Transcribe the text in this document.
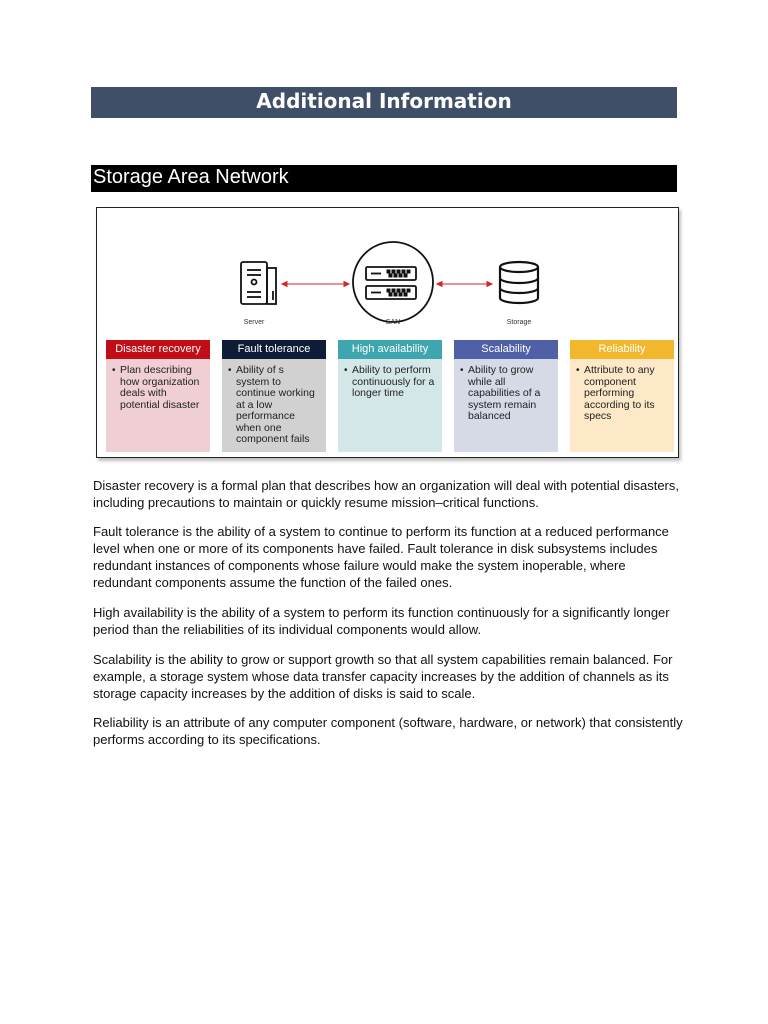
Additional Information
Storage Area Network
Server	SAN	Storage
Disaster recovery
• Plan describing how organization deals with potential disaster
Fault tolerance
• Ability of s system to continue working at a low performance when one component fails
High availability
• Ability to perform continuously for a longer time
Scalability
• Ability to grow while all capabilities of a system remain balanced
Reliability
• Attribute to any component performing according to its specs

Disaster recovery is a formal plan that describes how an organization will deal with potential disasters, including precautions to maintain or quickly resume mission–critical functions.

Fault tolerance is the ability of a system to continue to perform its function at a reduced performance level when one or more of its components have failed. Fault tolerance in disk subsystems includes redundant instances of components whose failure would make the system inoperable, where redundant components assume the function of the failed ones.

High availability is the ability of a system to perform its function continuously for a significantly longer period than the reliabilities of its individual components would allow.

Scalability is the ability to grow or support growth so that all system capabilities remain balanced. For example, a storage system whose data transfer capacity increases by the addition of channels as its storage capacity increases by the addition of disks is said to scale.

Reliability is an attribute of any computer component (software, hardware, or network) that consistently performs according to its specifications.
